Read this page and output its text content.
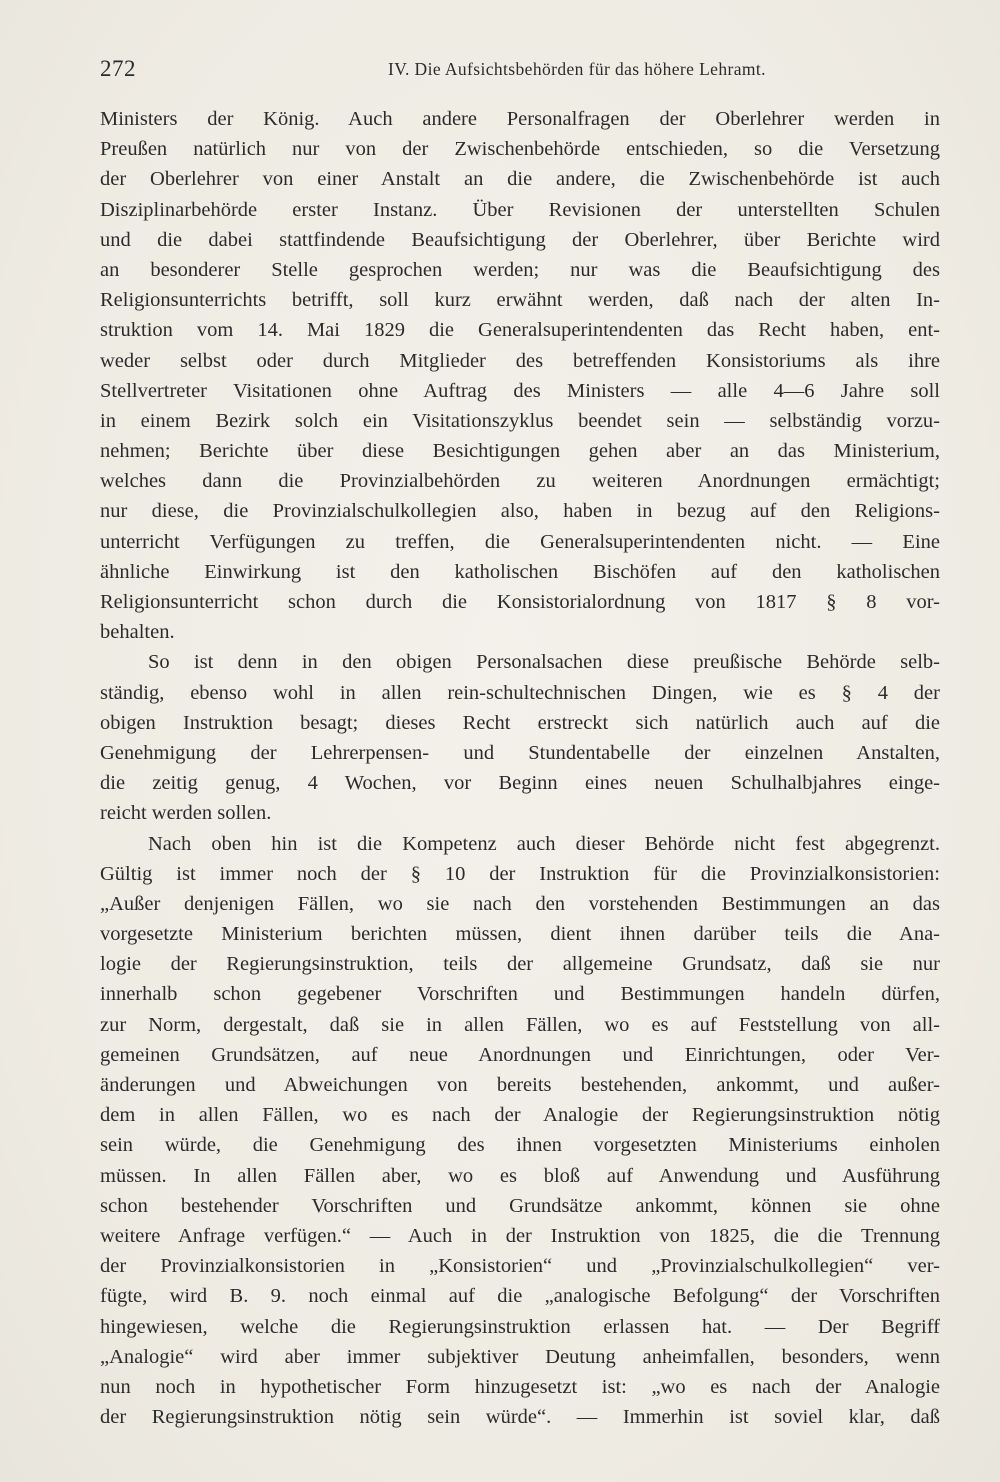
272	IV. Die Aufsichtsbehörden für das höhere Lehramt.
Ministers der König. Auch andere Personalfragen der Oberlehrer werden in
Preußen natürlich nur von der Zwischenbehörde entschieden, so die Versetzung
der Oberlehrer von einer Anstalt an die andere, die Zwischenbehörde ist auch
Disziplinarbehörde erster Instanz. Über Revisionen der unterstellten Schulen
und die dabei stattfindende Beaufsichtigung der Oberlehrer, über Berichte wird
an besonderer Stelle gesprochen werden; nur was die Beaufsichtigung des
Religionsunterrichts betrifft, soll kurz erwähnt werden, daß nach der alten In-
struktion vom 14. Mai 1829 die Generalsuperintendenten das Recht haben, ent-
weder selbst oder durch Mitglieder des betreffenden Konsistoriums als ihre
Stellvertreter Visitationen ohne Auftrag des Ministers — alle 4—6 Jahre soll
in einem Bezirk solch ein Visitationszyklus beendet sein — selbständig vorzu-
nehmen; Berichte über diese Besichtigungen gehen aber an das Ministerium,
welches dann die Provinzialbehörden zu weiteren Anordnungen ermächtigt;
nur diese, die Provinzialschulkollegien also, haben in bezug auf den Religions-
unterricht Verfügungen zu treffen, die Generalsuperintendenten nicht. — Eine
ähnliche Einwirkung ist den katholischen Bischöfen auf den katholischen
Religionsunterricht schon durch die Konsistorialordnung von 1817 § 8 vor-
behalten.
So ist denn in den obigen Personalsachen diese preußische Behörde selb-
ständig, ebenso wohl in allen rein-schultechnischen Dingen, wie es § 4 der
obigen Instruktion besagt; dieses Recht erstreckt sich natürlich auch auf die
Genehmigung der Lehrerpensen- und Stundentabelle der einzelnen Anstalten,
die zeitig genug, 4 Wochen, vor Beginn eines neuen Schulhalbjahres einge-
reicht werden sollen.
Nach oben hin ist die Kompetenz auch dieser Behörde nicht fest abgegrenzt.
Gültig ist immer noch der § 10 der Instruktion für die Provinzialkonsistorien:
„Außer denjenigen Fällen, wo sie nach den vorstehenden Bestimmungen an das
vorgesetzte Ministerium berichten müssen, dient ihnen darüber teils die Ana-
logie der Regierungsinstruktion, teils der allgemeine Grundsatz, daß sie nur
innerhalb schon gegebener Vorschriften und Bestimmungen handeln dürfen,
zur Norm, dergestalt, daß sie in allen Fällen, wo es auf Feststellung von all-
gemeinen Grundsätzen, auf neue Anordnungen und Einrichtungen, oder Ver-
änderungen und Abweichungen von bereits bestehenden, ankommt, und außer-
dem in allen Fällen, wo es nach der Analogie der Regierungsinstruktion nötig
sein würde, die Genehmigung des ihnen vorgesetzten Ministeriums einholen
müssen. In allen Fällen aber, wo es bloß auf Anwendung und Ausführung
schon bestehender Vorschriften und Grundsätze ankommt, können sie ohne
weitere Anfrage verfügen.“ — Auch in der Instruktion von 1825, die die Trennung
der Provinzialkonsistorien in „Konsistorien“ und „Provinzialschulkollegien“ ver-
fügte, wird B. 9. noch einmal auf die „analogische Befolgung“ der Vorschriften
hingewiesen, welche die Regierungsinstruktion erlassen hat. — Der Begriff
„Analogie“ wird aber immer subjektiver Deutung anheimfallen, besonders, wenn
nun noch in hypothetischer Form hinzugesetzt ist: „wo es nach der Analogie
der Regierungsinstruktion nötig sein würde“. — Immerhin ist soviel klar, daß
